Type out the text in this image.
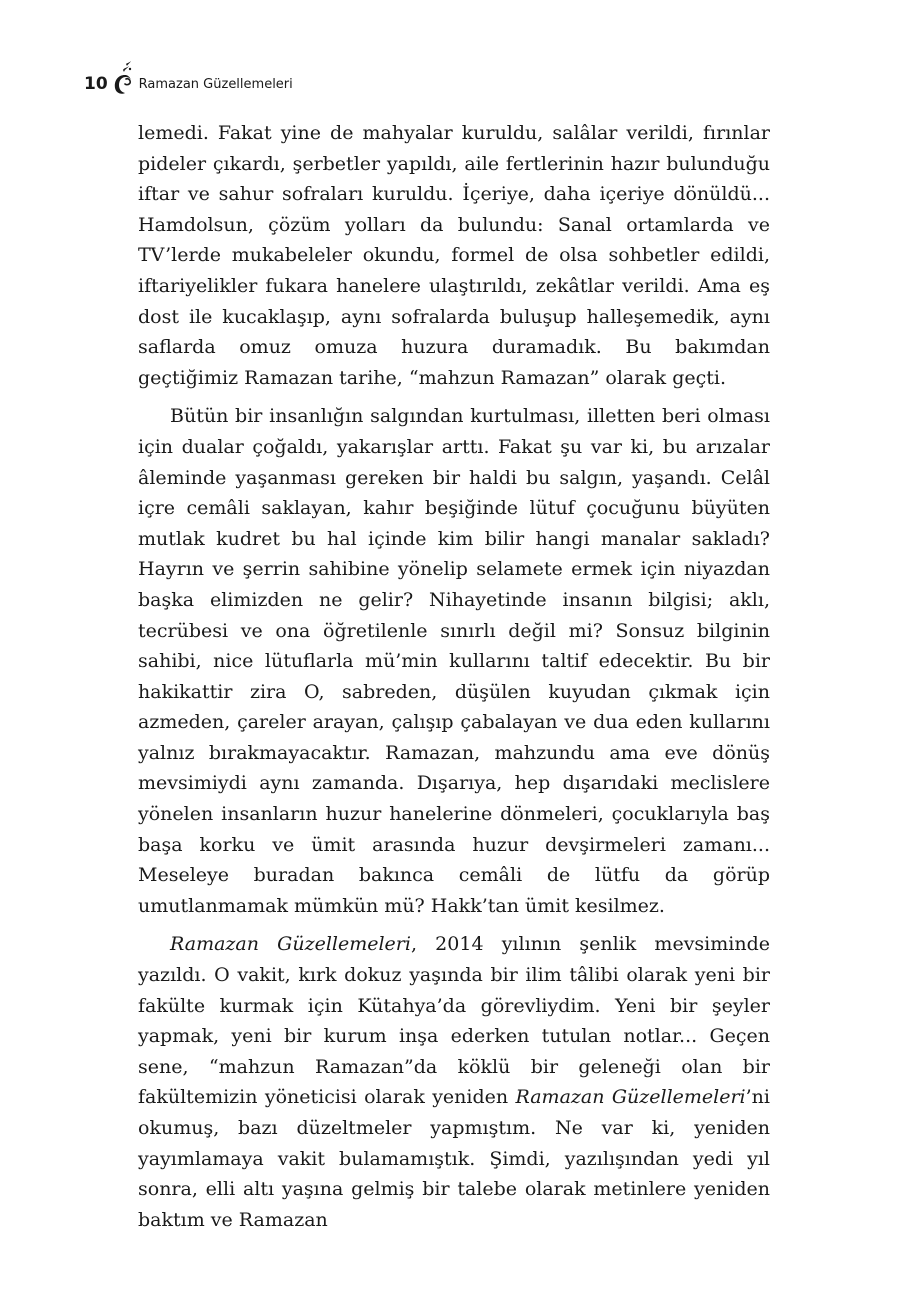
10 Ramazan Güzellemeleri

lemedi. Fakat yine de mahyalar kuruldu, salâlar verildi, fırınlar pideler çıkardı, şerbetler yapıldı, aile fertlerinin hazır bulunduğu iftar ve sahur sofraları kuruldu. İçeriye, daha içeriye dönüldü... Hamdolsun, çözüm yolları da bulundu: Sanal ortamlarda ve TV’lerde mukabeleler okundu, formel de olsa sohbetler edildi, iftariyelikler fukara hanelere ulaştırıldı, zekâtlar verildi. Ama eş dost ile kucaklaşıp, aynı sofralarda buluşup halleşemedik, aynı saflarda omuz omuza huzura duramadık. Bu bakımdan geçtiğimiz Ramazan tarihe, “mahzun Ramazan” olarak geçti.

Bütün bir insanlığın salgından kurtulması, illetten beri olması için dualar çoğaldı, yakarışlar arttı. Fakat şu var ki, bu arızalar âleminde yaşanması gereken bir haldi bu salgın, yaşandı. Celâl içre cemâli saklayan, kahır beşiğinde lütuf çocuğunu büyüten mutlak kudret bu hal içinde kim bilir hangi manalar sakladı? Hayrın ve şerrin sahibine yönelip selamete ermek için niyazdan başka elimizden ne gelir? Nihayetinde insanın bilgisi; aklı, tecrübesi ve ona öğretilenle sınırlı değil mi? Sonsuz bilginin sahibi, nice lütuflarla mü’min kullarını taltif edecektir. Bu bir hakikattir zira O, sabreden, düşülen kuyudan çıkmak için azmeden, çareler arayan, çalışıp çabalayan ve dua eden kullarını yalnız bırakmayacaktır. Ramazan, mahzundu ama eve dönüş mevsimiydi aynı zamanda. Dışarıya, hep dışarıdaki meclislere yönelen insanların huzur hanelerine dönmeleri, çocuklarıyla baş başa korku ve ümit arasında huzur devşirmeleri zamanı... Meseleye buradan bakınca cemâli de lütfu da görüp umutlanmamak mümkün mü? Hakk’tan ümit kesilmez.

Ramazan Güzellemeleri, 2014 yılının şenlik mevsiminde yazıldı. O vakit, kırk dokuz yaşında bir ilim tâlibi olarak yeni bir fakülte kurmak için Kütahya’da görevliydim. Yeni bir şeyler yapmak, yeni bir kurum inşa ederken tutulan notlar... Geçen sene, “mahzun Ramazan”da köklü bir geleneği olan bir fakültemizin yöneticisi olarak yeniden Ramazan Güzellemeleri’ni okumuş, bazı düzeltmeler yapmıştım. Ne var ki, yeniden yayımlamaya vakit bulamamıştık. Şimdi, yazılışından yedi yıl sonra, elli altı yaşına gelmiş bir talebe olarak metinlere yeniden baktım ve Ramazan
